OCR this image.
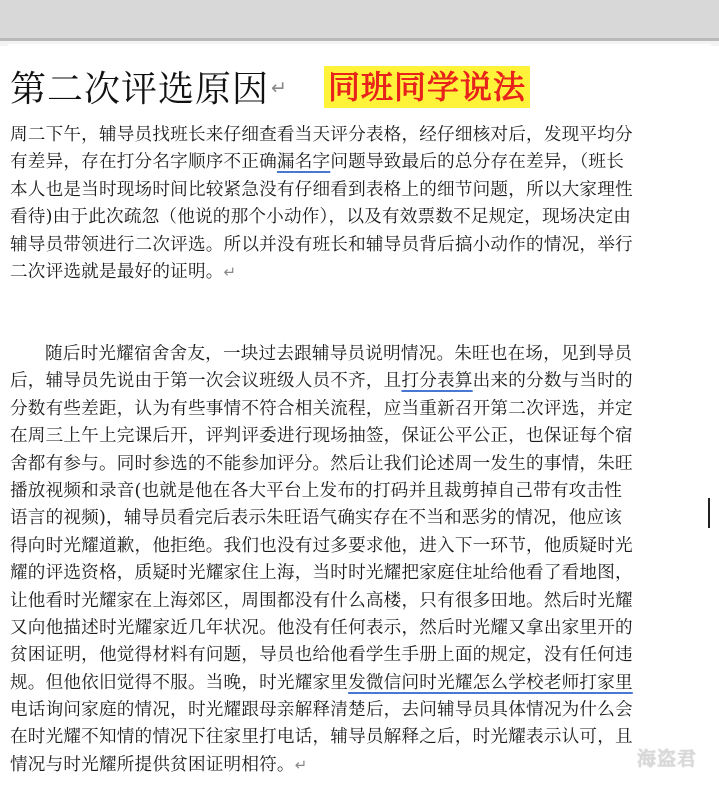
第二次评选原因 ↵ 同班同学说法
周二下午，辅导员找班长来仔细查看当天评分表格，经仔细核对后，发现平均分
有差异，存在打分名字顺序不正确漏名字问题导致最后的总分存在差异，（班长
本人也是当时现场时间比较紧急没有仔细看到表格上的细节问题，所以大家理性
看待)由于此次疏忽（他说的那个小动作），以及有效票数不足规定，现场决定由
辅导员带领进行二次评选。所以并没有班长和辅导员背后搞小动作的情况，举行
二次评选就是最好的证明。↵
随后时光耀宿舍舍友，一块过去跟辅导员说明情况。朱旺也在场，见到导员
后，辅导员先说由于第一次会议班级人员不齐，且打分表算出来的分数与当时的
分数有些差距，认为有些事情不符合相关流程，应当重新召开第二次评选，并定
在周三上午上完课后开，评判评委进行现场抽签，保证公平公正，也保证每个宿
舍都有参与。同时参选的不能参加评分。然后让我们论述周一发生的事情，朱旺
播放视频和录音(也就是他在各大平台上发布的打码并且裁剪掉自己带有攻击性
语言的视频)，辅导员看完后表示朱旺语气确实存在不当和恶劣的情况，他应该
得向时光耀道歉，他拒绝。我们也没有过多要求他，进入下一环节，他质疑时光
耀的评选资格，质疑时光耀家住上海，当时时光耀把家庭住址给他看了看地图，
让他看时光耀家在上海郊区，周围都没有什么高楼，只有很多田地。然后时光耀
又向他描述时光耀家近几年状况。他没有任何表示，然后时光耀又拿出家里开的
贫困证明，他觉得材料有问题，导员也给他看学生手册上面的规定，没有任何违
规。但他依旧觉得不服。当晚，时光耀家里发微信问时光耀怎么学校老师打家里
电话询问家庭的情况，时光耀跟母亲解释清楚后，去问辅导员具体情况为什么会
在时光耀不知情的情况下往家里打电话，辅导员解释之后，时光耀表示认可，且
情况与时光耀所提供贫困证明相符。↵	海盗君
